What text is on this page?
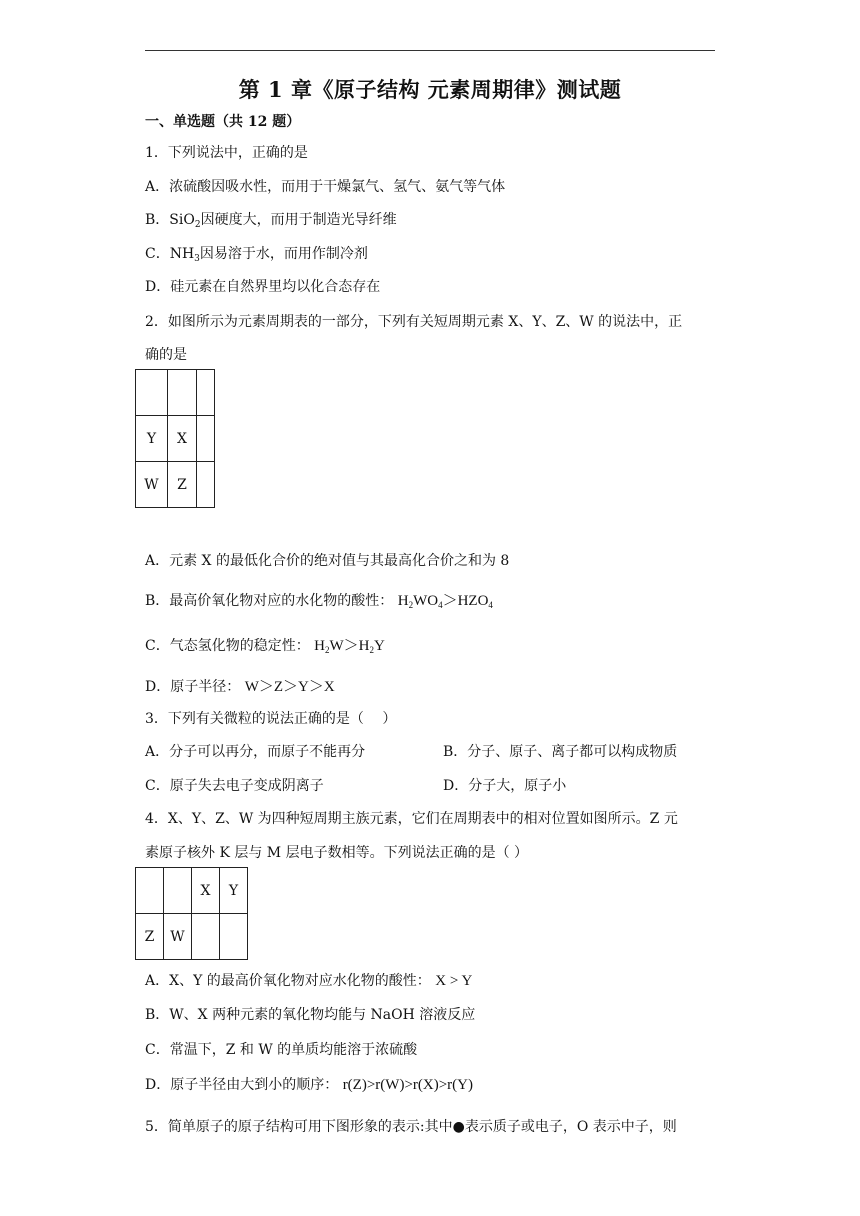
第 1 章《原子结构 元素周期律》测试题
一、单选题（共 12 题）
1．下列说法中，正确的是
A．浓硫酸因吸水性，而用于干燥氯气、氢气、氨气等气体
B．SiO$_2$因硬度大，而用于制造光导纤维
C．$NH_3$因易溶于水，而用作制冷剂
D．硅元素在自然界里均以化合态存在
2．如图所示为元素周期表的一部分，下列有关短周期元素 X、Y、Z、W 的说法中，正
确的是

Y	X	
W	Z	
A．元素 X 的最低化合价的绝对值与其最高化合价之和为 8
B．最高价氧化物对应的水化物的酸性： $H_2WO_4>HZO_4$
C．气态氢化物的稳定性： $H_2W>H_2Y$
D．原子半径： W＞Z＞Y＞X
3．下列有关微粒的说法正确的是（　 ）
A．分子可以再分，而原子不能再分	B．分子、原子、离子都可以构成物质
C．原子失去电子变成阴离子	D．分子大，原子小
4．X、Y、Z、W 为四种短周期主族元素，它们在周期表中的相对位置如图所示。Z 元
素原子核外 K 层与 M 层电子数相等。下列说法正确的是（ ）
		X	Y
Z	W		
A．X、Y 的最高价氧化物对应水化物的酸性： X > Y
B．W、X 两种元素的氧化物均能与 NaOH 溶液反应
C．常温下，Z 和 W 的单质均能溶于浓硫酸
D．原子半径由大到小的顺序： r(Z)>r(W)>r(X)>r(Y)
5．简单原子的原子结构可用下图形象的表示:其中●表示质子或电子，O 表示中子，则
